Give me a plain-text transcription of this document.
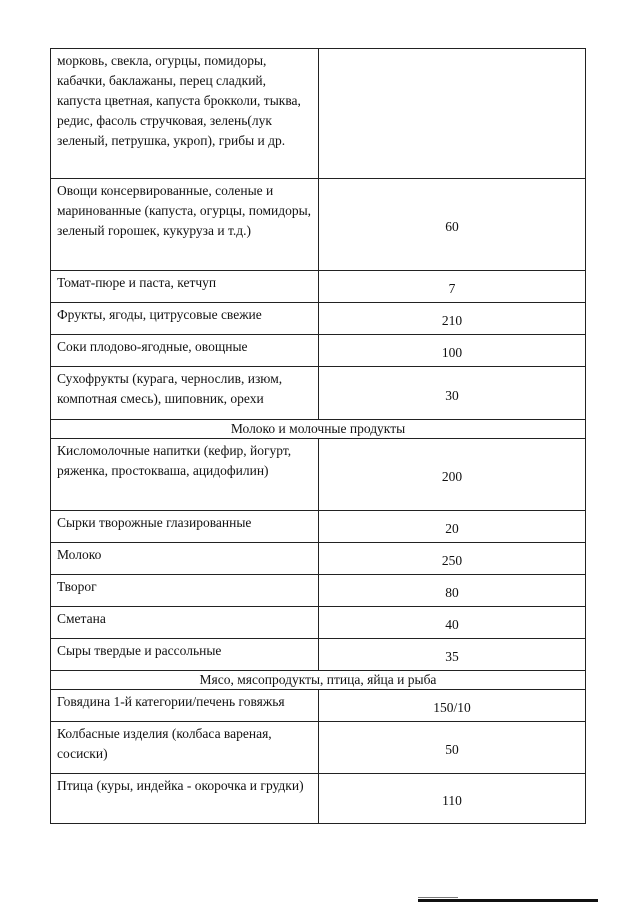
морковь, свекла, огурцы, помидоры, кабачки, баклажаны, перец сладкий, капуста цветная, капуста брокколи, тыква, редис, фасоль стручковая, зелень(лук зеленый, петрушка, укроп), грибы и др.	
Овощи консервированные, соленые и маринованные (капуста, огурцы, помидоры, зеленый горошек, кукуруза и т.д.)	60
Томат-пюре и паста, кетчуп	7
Фрукты, ягоды, цитрусовые свежие	210
Соки плодово-ягодные, овощные	100
Сухофрукты (курага, чернослив, изюм, компотная смесь), шиповник, орехи	30
Молоко и молочные продукты	
Кисломолочные напитки (кефир, йогурт, ряженка, простокваша, ацидофилин)	200
Сырки творожные глазированные	20
Молоко	250
Творог	80
Сметана	40
Сыры твердые и рассольные	35
Мясо, мясопродукты, птица, яйца и рыба	
Говядина 1-й категории/печень говяжья	150/10
Колбасные изделия (колбаса вареная, сосиски)	50
Птица (куры, индейка - окорочка и грудки)	110
